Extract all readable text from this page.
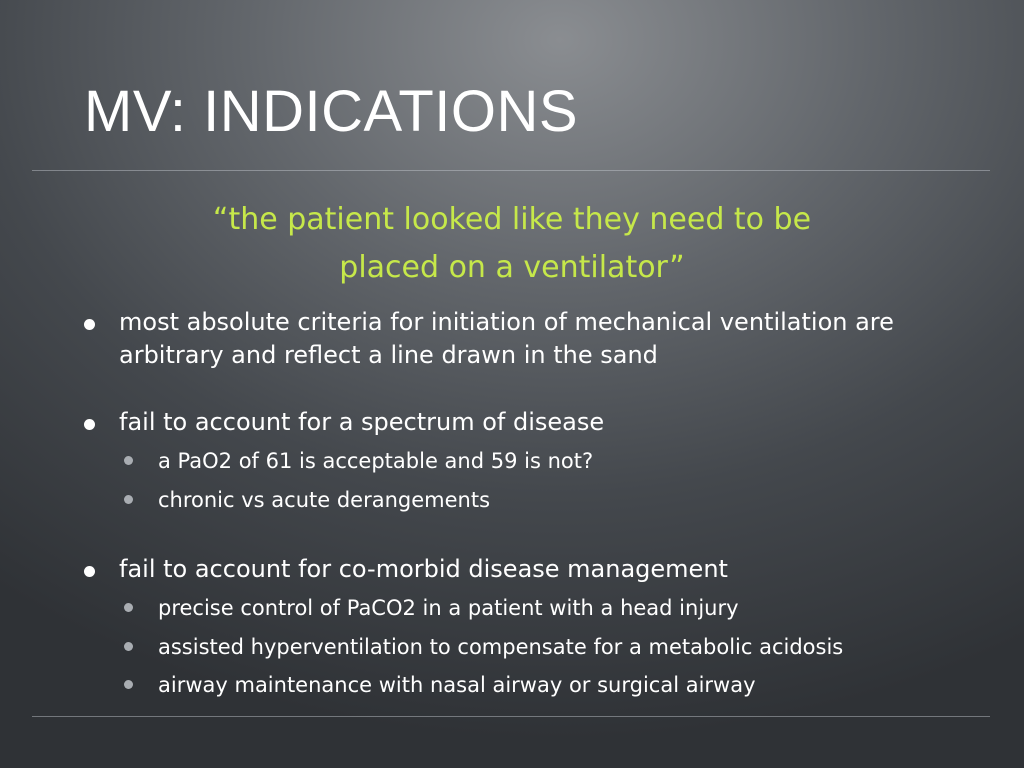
MV: INDICATIONS
“the patient looked like they need to be
placed on a ventilator”
most absolute criteria for initiation of mechanical ventilation are arbitrary and reflect a line drawn in the sand
fail to account for a spectrum of disease
a PaO2 of 61 is acceptable and 59 is not?
chronic vs acute derangements
fail to account for co-morbid disease management
precise control of PaCO2 in a patient with a head injury
assisted hyperventilation to compensate for a metabolic acidosis
airway maintenance with nasal airway or surgical airway
